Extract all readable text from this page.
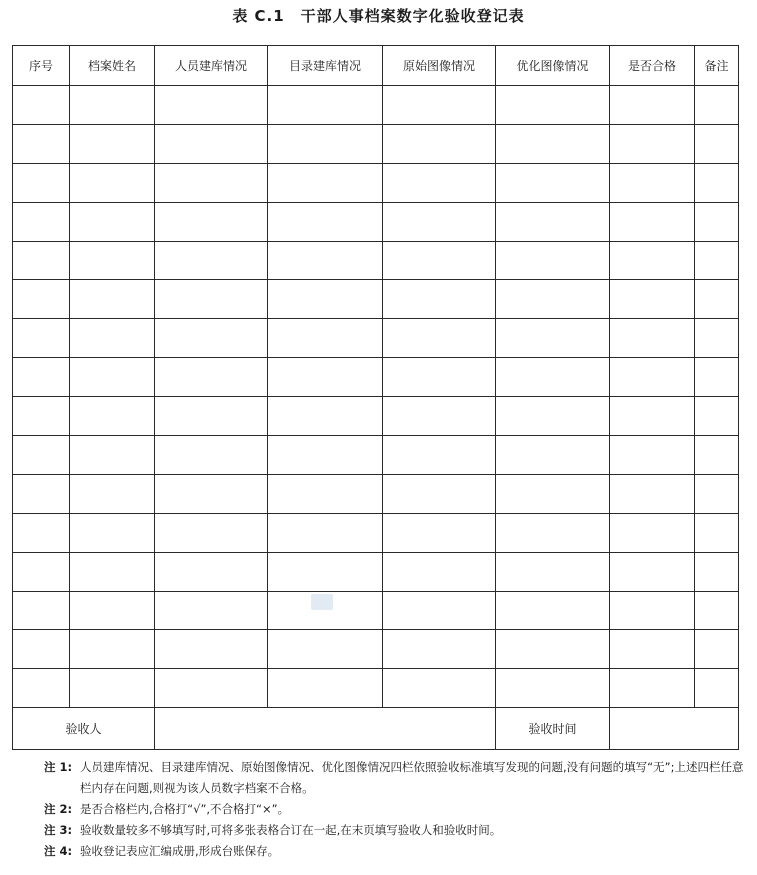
表 C.1　干部人事档案数字化验收登记表
序号	档案姓名	人员建库情况	目录建库情况	原始图像情况	优化图像情况	是否合格	备注

验收人					验收时间		
注 1: 人员建库情况、目录建库情况、原始图像情况、优化图像情况四栏依照验收标准填写发现的问题,没有问题的填写“无”;上述四栏任意栏内存在问题,则视为该人员数字档案不合格。
注 2: 是否合格栏内,合格打“√”,不合格打“×”。
注 3: 验收数量较多不够填写时,可将多张表格合订在一起,在末页填写验收人和验收时间。
注 4: 验收登记表应汇编成册,形成台账保存。
